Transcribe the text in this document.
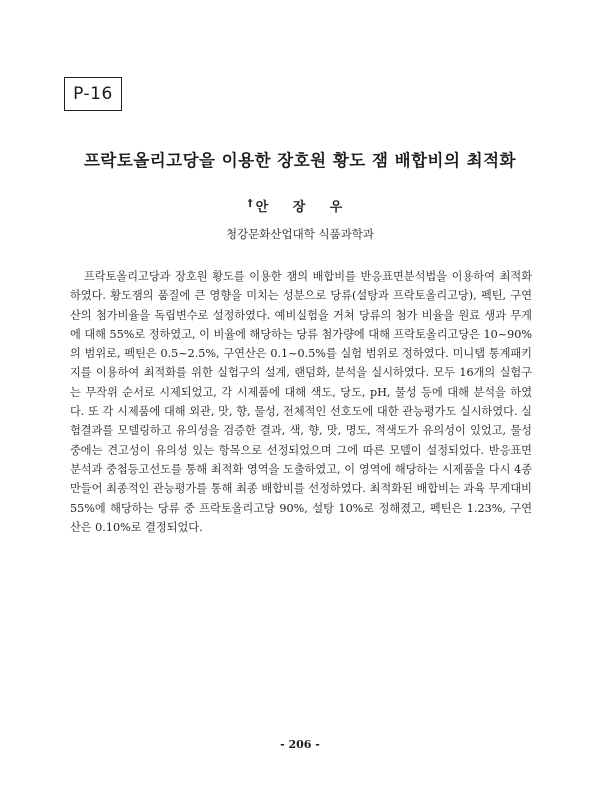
P-16
프락토올리고당을 이용한 장호원 황도 잼 배합비의 최적화
† 안 장 우
청강문화산업대학 식품과학과
프락토올리고당과 장호원 황도를 이용한 잼의 배합비를 반응표면분석법을 이용하여 최적화하였다. 황도잼의 품질에 큰 영향을 미치는 성분으로 당류(설탕과 프락토올리고당), 펙틴, 구연산의 첨가비율을 독립변수로 설정하였다. 예비실험을 거쳐 당류의 첨가 비율을 원료 생과 무게에 대해 55%로 정하였고, 이 비율에 해당하는 당류 첨가량에 대해 프락토올리고당은 10~90%의 범위로, 펙틴은 0.5~2.5%, 구연산은 0.1~0.5%를 실험 범위로 정하였다. 미니탭 통계패키지를 이용하여 최적화를 위한 실험구의 설계, 랜덤화, 분석을 실시하였다. 모두 16개의 실험구는 무작위 순서로 시제되었고, 각 시제품에 대해 색도, 당도, pH, 물성 등에 대해 분석을 하였다. 또 각 시제품에 대해 외관, 맛, 향, 물성, 전체적인 선호도에 대한 관능평가도 실시하였다. 실험결과를 모델링하고 유의성을 검증한 결과, 색, 향, 맛, 명도, 적색도가 유의성이 있었고, 물성 중에는 견고성이 유의성 있는 항목으로 선정되었으며 그에 따른 모델이 설정되었다. 반응표면 분석과 중첩등고선도를 통해 최적화 영역을 도출하였고, 이 영역에 해당하는 시제품을 다시 4종 만들어 최종적인 관능평가를 통해 최종 배합비를 선정하였다. 최적화된 배합비는 과육 무게대비 55%에 해당하는 당류 중 프락토올리고당 90%, 설탕 10%로 정해졌고, 펙틴은 1.23%, 구연산은 0.10%로 결정되었다.
- 206 -
